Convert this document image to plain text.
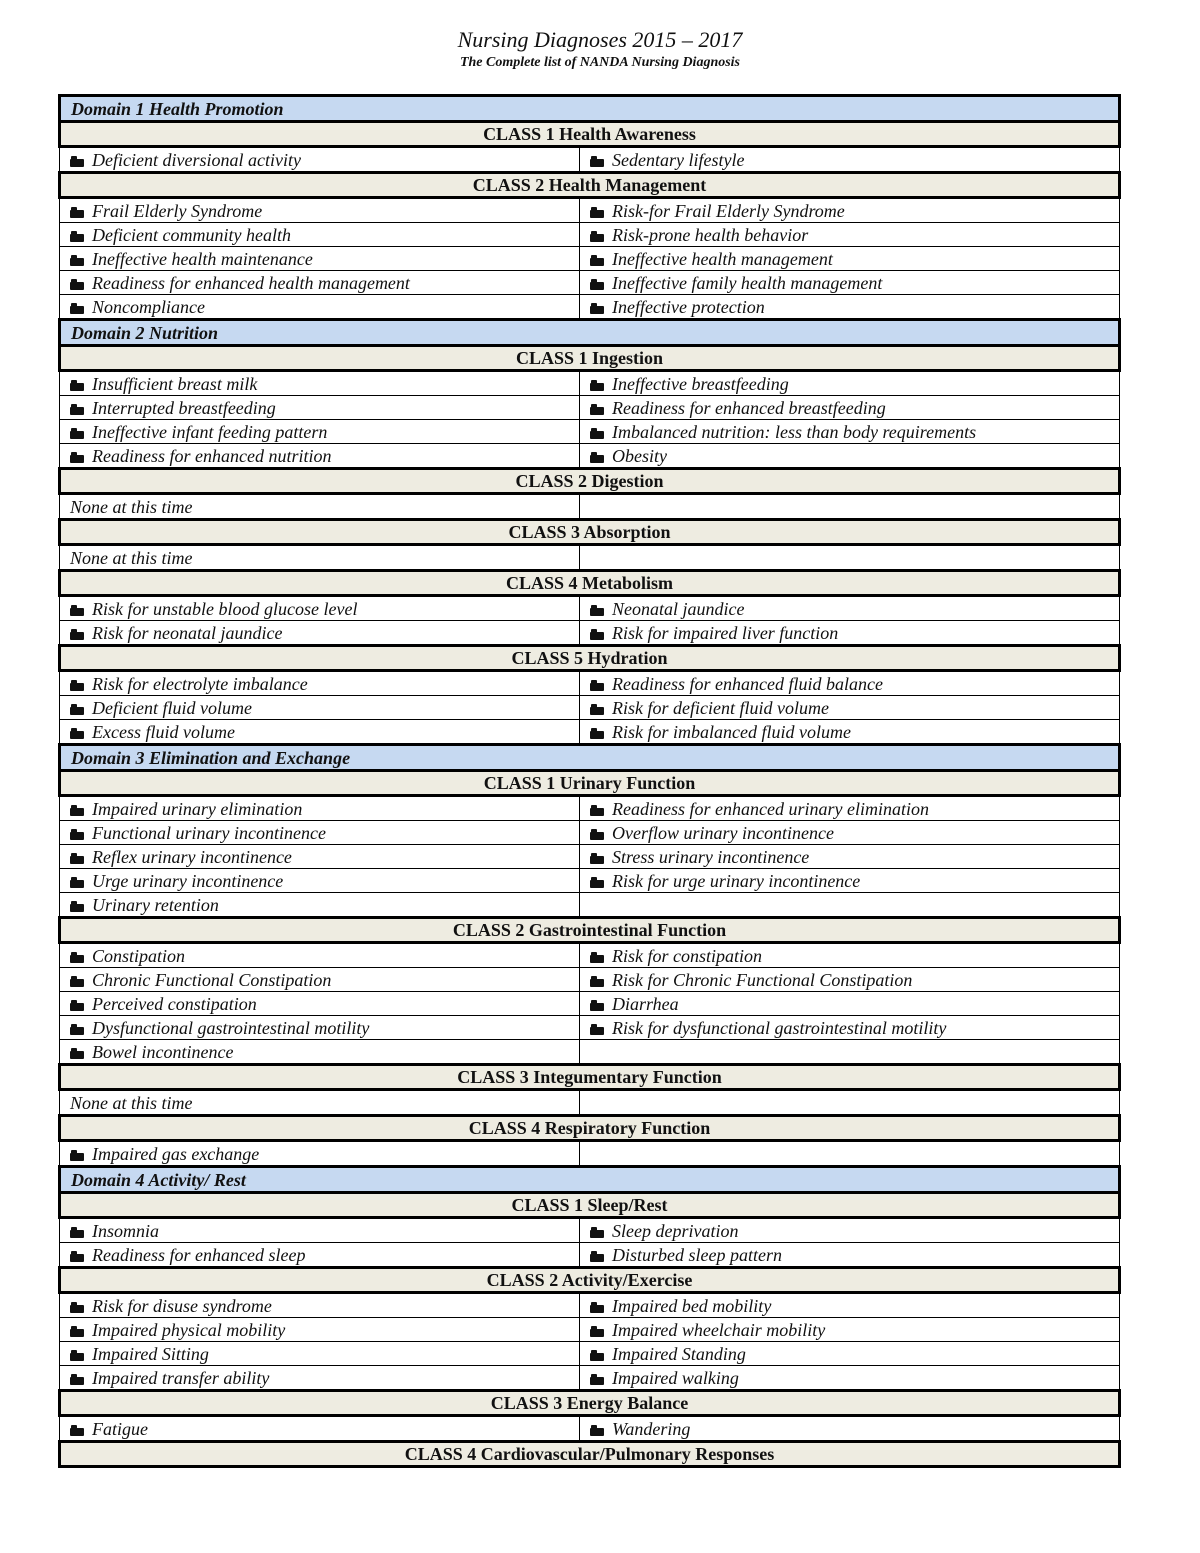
Nursing Diagnoses 2015 – 2017
The Complete list of NANDA Nursing Diagnosis
Domain 1 Health Promotion	
CLASS 1 Health Awareness	
Deficient diversional activity	Sedentary lifestyle
CLASS 2 Health Management	
Frail Elderly Syndrome	Risk-for Frail Elderly Syndrome
Deficient community health	Risk-prone health behavior
Ineffective health maintenance	Ineffective health management
Readiness for enhanced health management	Ineffective family health management
Noncompliance	Ineffective protection
Domain 2 Nutrition	
CLASS 1 Ingestion	
Insufficient breast milk	Ineffective breastfeeding
Interrupted breastfeeding	Readiness for enhanced breastfeeding
Ineffective infant feeding pattern	Imbalanced nutrition: less than body requirements
Readiness for enhanced nutrition	Obesity
CLASS 2 Digestion	
None at this time	
CLASS 3 Absorption	
None at this time	
CLASS 4 Metabolism	
Risk for unstable blood glucose level	Neonatal jaundice
Risk for neonatal jaundice	Risk for impaired liver function
CLASS 5 Hydration	
Risk for electrolyte imbalance	Readiness for enhanced fluid balance
Deficient fluid volume	Risk for deficient fluid volume
Excess fluid volume	Risk for imbalanced fluid volume
Domain 3 Elimination and Exchange	
CLASS 1 Urinary Function	
Impaired urinary elimination	Readiness for enhanced urinary elimination
Functional urinary incontinence	Overflow urinary incontinence
Reflex urinary incontinence	Stress urinary incontinence
Urge urinary incontinence	Risk for urge urinary incontinence
Urinary retention	
CLASS 2 Gastrointestinal Function	
Constipation	Risk for constipation
Chronic Functional Constipation	Risk for Chronic Functional Constipation
Perceived constipation	Diarrhea
Dysfunctional gastrointestinal motility	Risk for dysfunctional gastrointestinal motility
Bowel incontinence	
CLASS 3 Integumentary Function	
None at this time	
CLASS 4 Respiratory Function	
Impaired gas exchange	
Domain 4 Activity/ Rest	
CLASS 1 Sleep/Rest	
Insomnia	Sleep deprivation
Readiness for enhanced sleep	Disturbed sleep pattern
CLASS 2 Activity/Exercise	
Risk for disuse syndrome	Impaired bed mobility
Impaired physical mobility	Impaired wheelchair mobility
Impaired Sitting	Impaired Standing
Impaired transfer ability	Impaired walking
CLASS 3 Energy Balance	
Fatigue	Wandering
CLASS 4 Cardiovascular/Pulmonary Responses	
